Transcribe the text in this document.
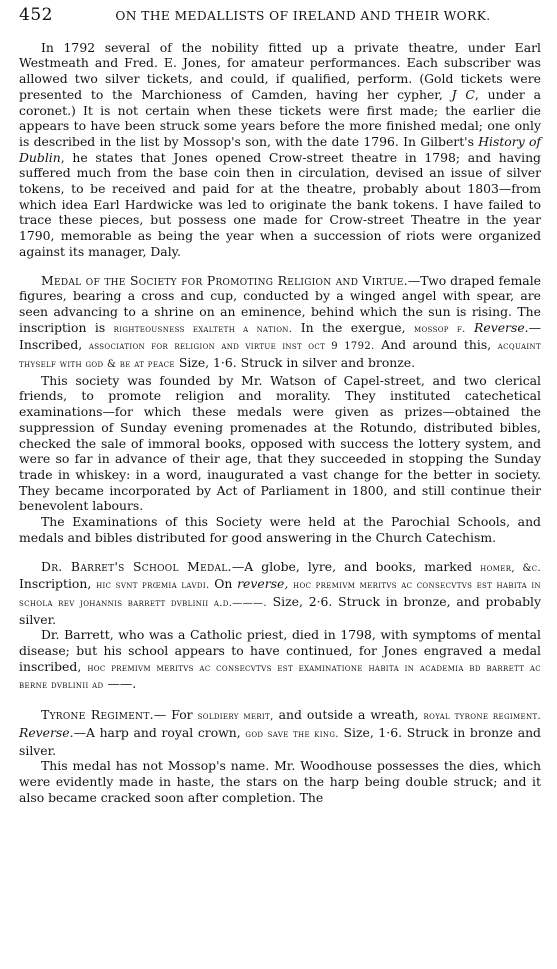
452	ON THE MEDALLISTS OF IRELAND AND THEIR WORK.

In 1792 several of the nobility fitted up a private theatre, under Earl Westmeath and Fred. E. Jones, for amateur performances. Each subscriber was allowed two silver tickets, and could, if qualified, perform. (Gold tickets were presented to the Marchioness of Camden, having her cypher, J C, under a coronet.) It is not certain when these tickets were first made; the earlier die appears to have been struck some years before the more finished medal; one only is described in the list by Mossop's son, with the date 1796. In Gilbert's History of Dublin, he states that Jones opened Crow-street theatre in 1798; and having suffered much from the base coin then in circulation, devised an issue of silver tokens, to be received and paid for at the theatre, probably about 1803—from which idea Earl Hardwicke was led to originate the bank tokens. I have failed to trace these pieces, but possess one made for Crow-street Theatre in the year 1790, memorable as being the year when a succession of riots were organized against its manager, Daly.

Medal of the Society for Promoting Religion and Virtue.—Two draped female figures, bearing a cross and cup, conducted by a winged angel with spear, are seen advancing to a shrine on an eminence, behind which the sun is rising. The inscription is righteousness exalteth a nation. In the exergue, mossop f. Reverse.—Inscribed, association for religion and virtue inst oct 9 1792. And around this, acquaint thyself with god & be at peace Size, 1·6. Struck in silver and bronze.

This society was founded by Mr. Watson of Capel-street, and two clerical friends, to promote religion and morality. They instituted catechetical examinations—for which these medals were given as prizes—obtained the suppression of Sunday evening promenades at the Rotundo, distributed bibles, checked the sale of immoral books, opposed with success the lottery system, and were so far in advance of their age, that they succeeded in stopping the Sunday trade in whiskey: in a word, inaugurated a vast change for the better in society. They became incorporated by Act of Parliament in 1800, and still continue their benevolent labours.

The Examinations of this Society were held at the Parochial Schools, and medals and bibles distributed for good answering in the Church Catechism.

Dr. Barret's School Medal.—A globe, lyre, and books, marked homer, &c. Inscription, hic svnt prœmia lavdi. On reverse, hoc premivm meritvs ac consecvtvs est habita in schola rev johannis barrett dvblinii a.d.———. Size, 2·6. Struck in bronze, and probably silver.

Dr. Barrett, who was a Catholic priest, died in 1798, with symptoms of mental disease; but his school appears to have continued, for Jones engraved a medal inscribed, hoc premivm meritvs ac consecvtvs est examinatione habita in academia bd barrett ac berne dvblinii ad ——.

Tyrone Regiment.— For soldiery merit, and outside a wreath, royal tyrone regiment. Reverse.—A harp and royal crown, god save the king. Size, 1·6. Struck in bronze and silver.

This medal has not Mossop's name. Mr. Woodhouse possesses the dies, which were evidently made in haste, the stars on the harp being double struck; and it also became cracked soon after completion. The
